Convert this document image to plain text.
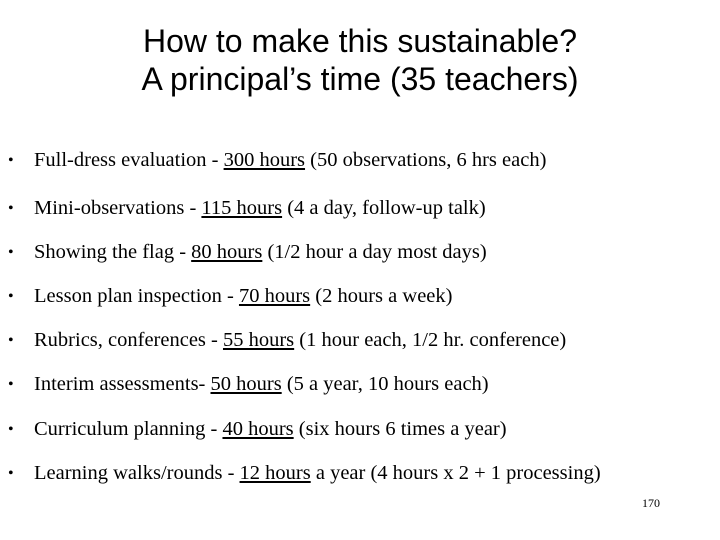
How to make this sustainable?
A principal’s time (35 teachers)
• Full-dress evaluation - 300 hours (50 observations, 6 hrs each)
• Mini-observations - 115 hours (4 a day, follow-up talk)
• Showing the flag - 80 hours (1/2 hour a day most days)
• Lesson plan inspection - 70 hours (2 hours a week)
• Rubrics, conferences - 55 hours (1 hour each, 1/2 hr. conference)
• Interim assessments- 50 hours (5 a year, 10 hours each)
• Curriculum planning - 40 hours (six hours 6 times a year)
• Learning walks/rounds - 12 hours a year (4 hours x 2 + 1 processing)
170
